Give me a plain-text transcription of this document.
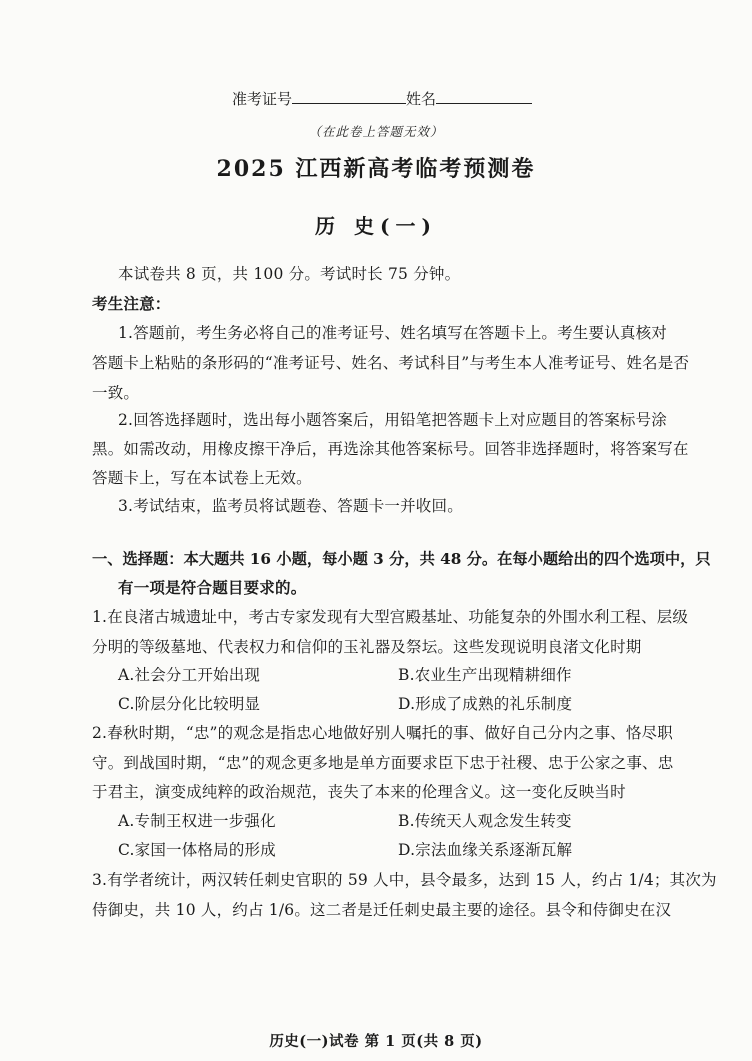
准考证号	姓名
（在此卷上答题无效）
2025 江西新高考临考预测卷
历 史(一)
本试卷共 8 页，共 100 分。考试时长 75 分钟。
考生注意：
1.答题前，考生务必将自己的准考证号、姓名填写在答题卡上。考生要认真核对
答题卡上粘贴的条形码的“准考证号、姓名、考试科目”与考生本人准考证号、姓名是否
一致。
2.回答选择题时，选出每小题答案后，用铅笔把答题卡上对应题目的答案标号涂
黑。如需改动，用橡皮擦干净后，再选涂其他答案标号。回答非选择题时，将答案写在
答题卡上，写在本试卷上无效。
3.考试结束，监考员将试题卷、答题卡一并收回。
一、选择题：本大题共 16 小题，每小题 3 分，共 48 分。在每小题给出的四个选项中，只
有一项是符合题目要求的。
1.在良渚古城遗址中，考古专家发现有大型宫殿基址、功能复杂的外围水利工程、层级
分明的等级墓地、代表权力和信仰的玉礼器及祭坛。这些发现说明良渚文化时期
A.社会分工开始出现	B.农业生产出现精耕细作
C.阶层分化比较明显	D.形成了成熟的礼乐制度
2.春秋时期，“忠”的观念是指忠心地做好别人嘱托的事、做好自己分内之事、恪尽职
守。到战国时期，“忠”的观念更多地是单方面要求臣下忠于社稷、忠于公家之事、忠
于君主，演变成纯粹的政治规范，丧失了本来的伦理含义。这一变化反映当时
A.专制王权进一步强化	B.传统天人观念发生转变
C.家国一体格局的形成	D.宗法血缘关系逐渐瓦解
3.有学者统计，两汉转任刺史官职的 59 人中，县令最多，达到 15 人，约占 1/4；其次为
侍御史，共 10 人，约占 1/6。这二者是迁任刺史最主要的途径。县令和侍御史在汉
历史(一)试卷 第 1 页(共 8 页)
